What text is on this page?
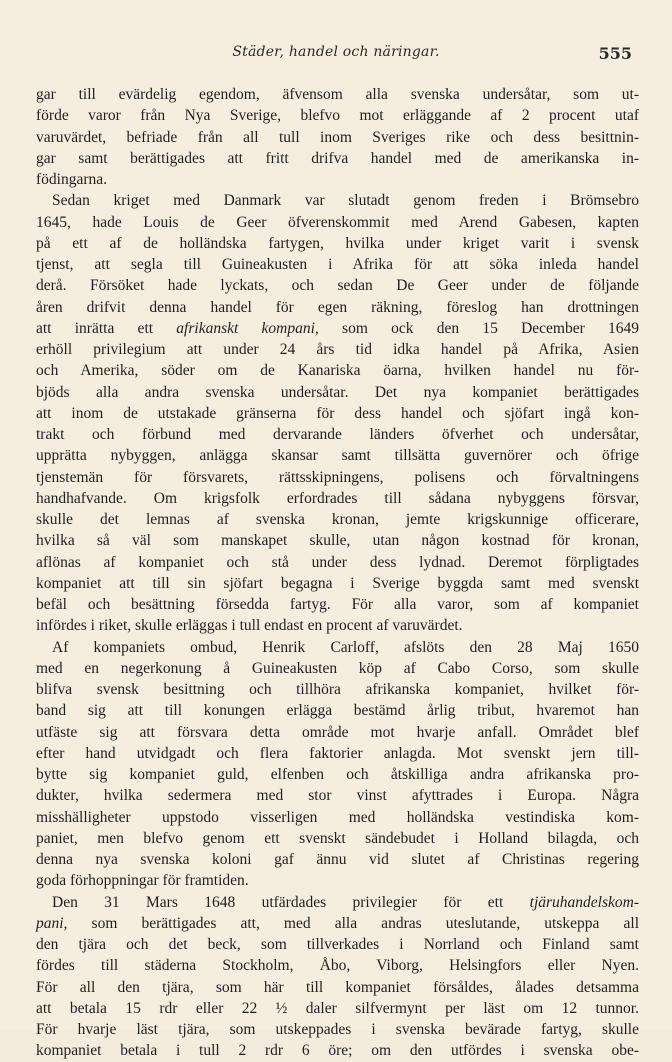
Städer, handel och näringar.	555
gar till evärdelig egendom, äfvensom alla svenska undersåtar, som ut-
förde varor från Nya Sverige, blefvo mot erläggande af 2 procent utaf
varuvärdet, befriade från all tull inom Sveriges rike och dess besittnin-
gar samt berättigades att fritt drifva handel med de amerikanska in-
födingarna.
Sedan kriget med Danmark var slutadt genom freden i Brömsebro
1645, hade Louis de Geer öfverenskommit med Arend Gabesen, kapten
på ett af de holländska fartygen, hvilka under kriget varit i svensk
tjenst, att segla till Guineakusten i Afrika för att söka inleda handel
derå. Försöket hade lyckats, och sedan De Geer under de följande
åren drifvit denna handel för egen räkning, föreslog han drottningen
att inrätta ett afrikanskt kompani, som ock den 15 December 1649
erhöll privilegium att under 24 års tid idka handel på Afrika, Asien
och Amerika, söder om de Kanariska öarna, hvilken handel nu för-
bjöds alla andra svenska undersåtar. Det nya kompaniet berättigades
att inom de utstakade gränserna för dess handel och sjöfart ingå kon-
trakt och förbund med dervarande länders öfverhet och undersåtar,
upprätta nybyggen, anlägga skansar samt tillsätta guvernörer och öfrige
tjenstemän för försvarets, rättsskipningens, polisens och förvaltningens
handhafvande. Om krigsfolk erfordrades till sådana nybyggens försvar,
skulle det lemnas af svenska kronan, jemte krigskunnige officerare,
hvilka så väl som manskapet skulle, utan någon kostnad för kronan,
aflönas af kompaniet och stå under dess lydnad. Deremot förpligtades
kompaniet att till sin sjöfart begagna i Sverige byggda samt med svenskt
befäl och besättning försedda fartyg. För alla varor, som af kompaniet
infördes i riket, skulle erläggas i tull endast en procent af varuvärdet.
Af kompaniets ombud, Henrik Carloff, afslöts den 28 Maj 1650
med en negerkonung å Guineakusten köp af Cabo Corso, som skulle
blifva svensk besittning och tillhöra afrikanska kompaniet, hvilket för-
band sig att till konungen erlägga bestämd årlig tribut, hvaremot han
utfäste sig att försvara detta område mot hvarje anfall. Området blef
efter hand utvidgadt och flera faktorier anlagda. Mot svenskt jern till-
bytte sig kompaniet guld, elfenben och åtskilliga andra afrikanska pro-
dukter, hvilka sedermera med stor vinst afyttrades i Europa. Några
misshälligheter uppstodo visserligen med holländska vestindiska kom-
paniet, men blefvo genom ett svenskt sändebudet i Holland bilagda, och
denna nya svenska koloni gaf ännu vid slutet af Christinas regering
goda förhoppningar för framtiden.
Den 31 Mars 1648 utfärdades privilegier för ett tjäruhandelskom-
pani, som berättigades att, med alla andras uteslutande, utskeppa all
den tjära och det beck, som tillverkades i Norrland och Finland samt
fördes till städerna Stockholm, Åbo, Viborg, Helsingfors eller Nyen.
För all den tjära, som här till kompaniet försåldes, ålades detsamma
att betala 15 rdr eller 22 ½ daler silfvermynt per läst om 12 tunnor.
För hvarje läst tjära, som utskeppades i svenska bevärade fartyg, skulle
kompaniet betala i tull 2 rdr 6 öre; om den utfördes i svenska obe-
